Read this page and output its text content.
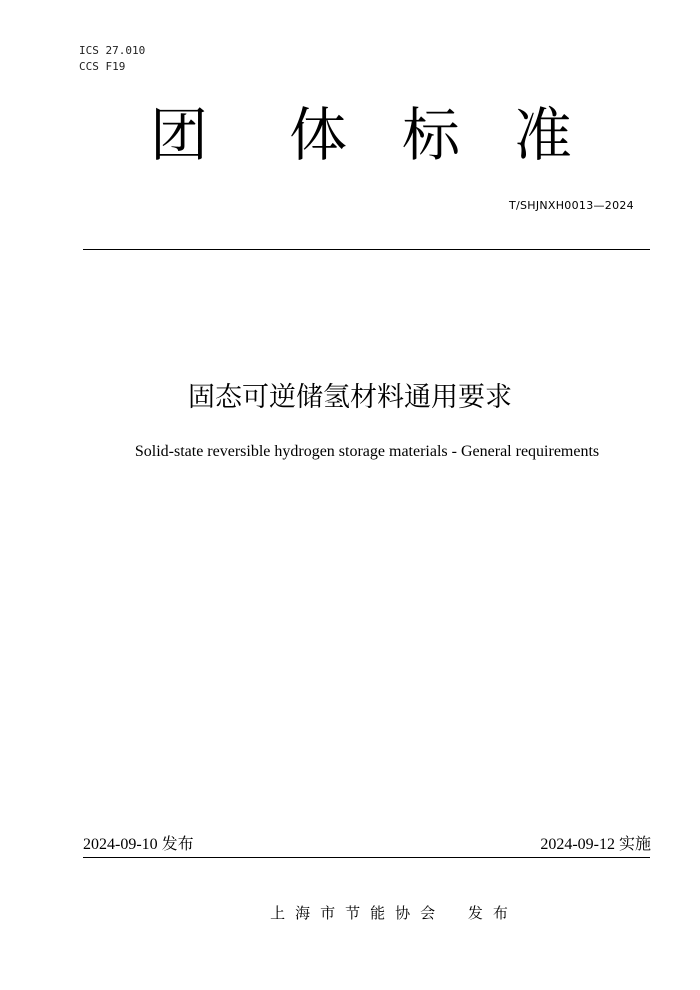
ICS 27.010
CCS F19
团 体 标 准
T/SHJNXH0013—2024
固态可逆储氢材料通用要求
Solid-state reversible hydrogen storage materials - General requirements
2024-09-10 发布	2024-09-12 实施
上海市节能协会 发布
